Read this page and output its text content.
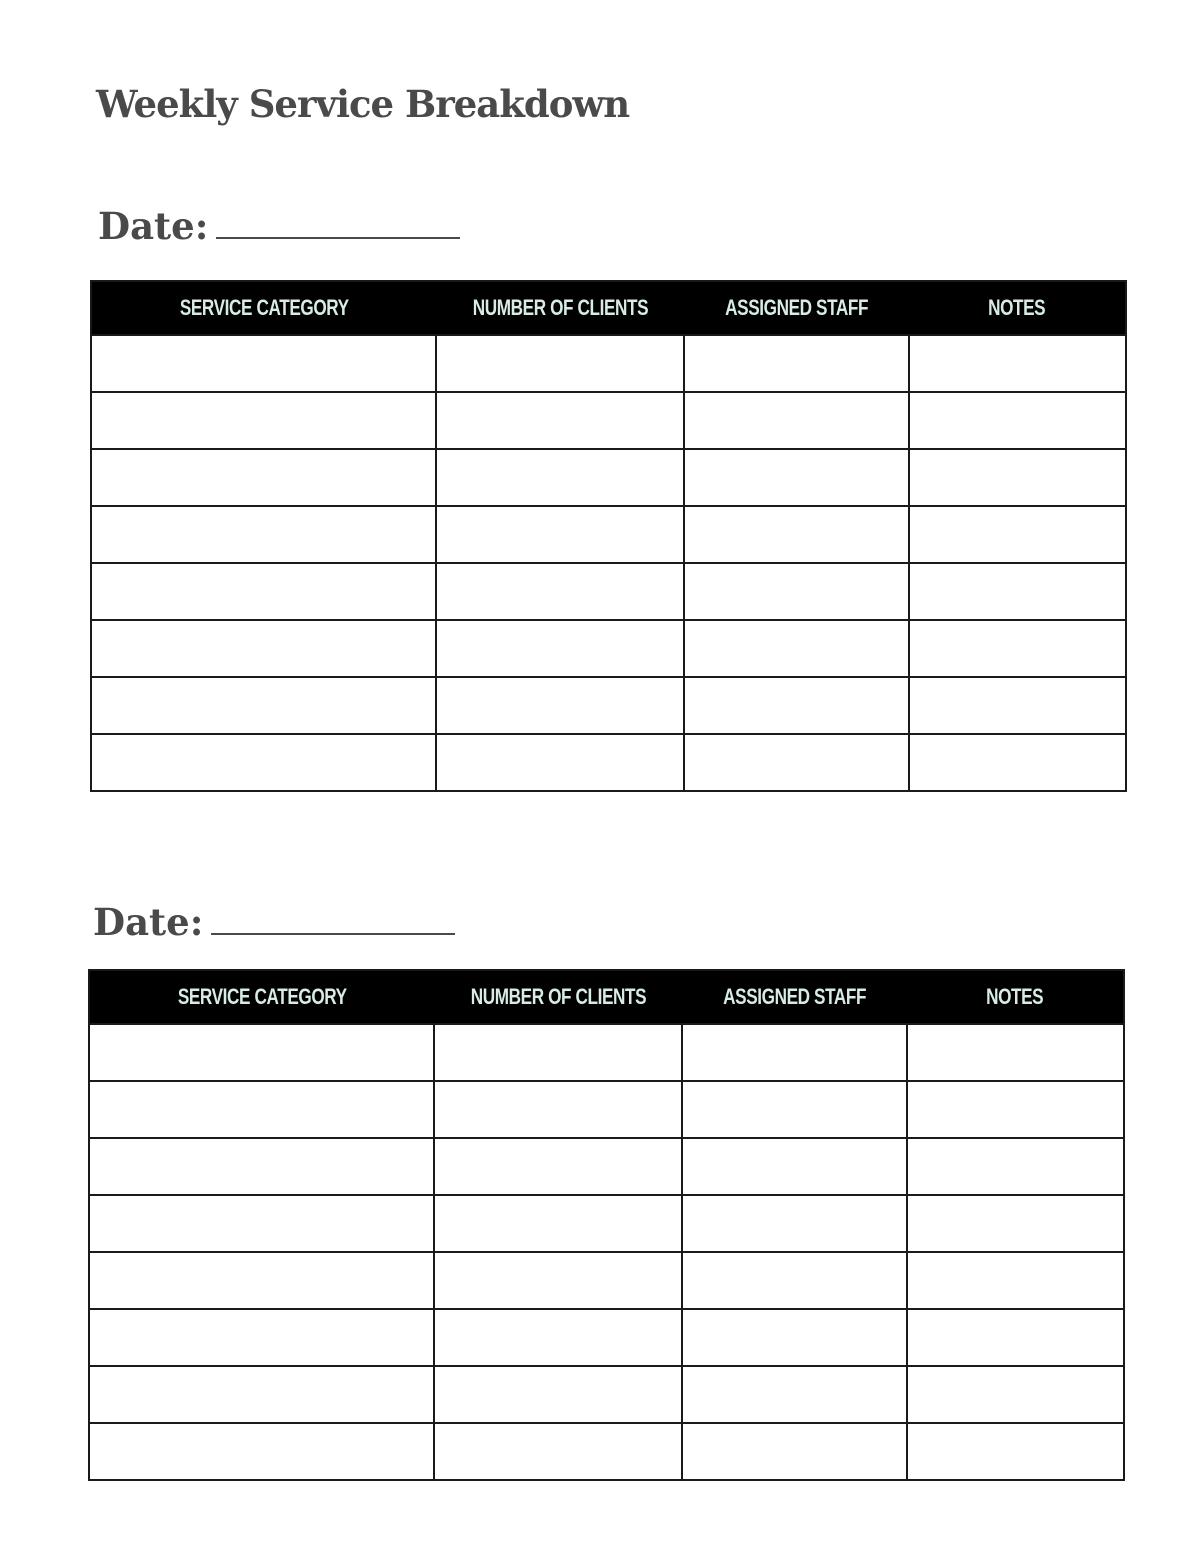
Weekly Service Breakdown
Date:
SERVICE CATEGORY	NUMBER OF CLIENTS	ASSIGNED STAFF	NOTES

Date:
SERVICE CATEGORY	NUMBER OF CLIENTS	ASSIGNED STAFF	NOTES
